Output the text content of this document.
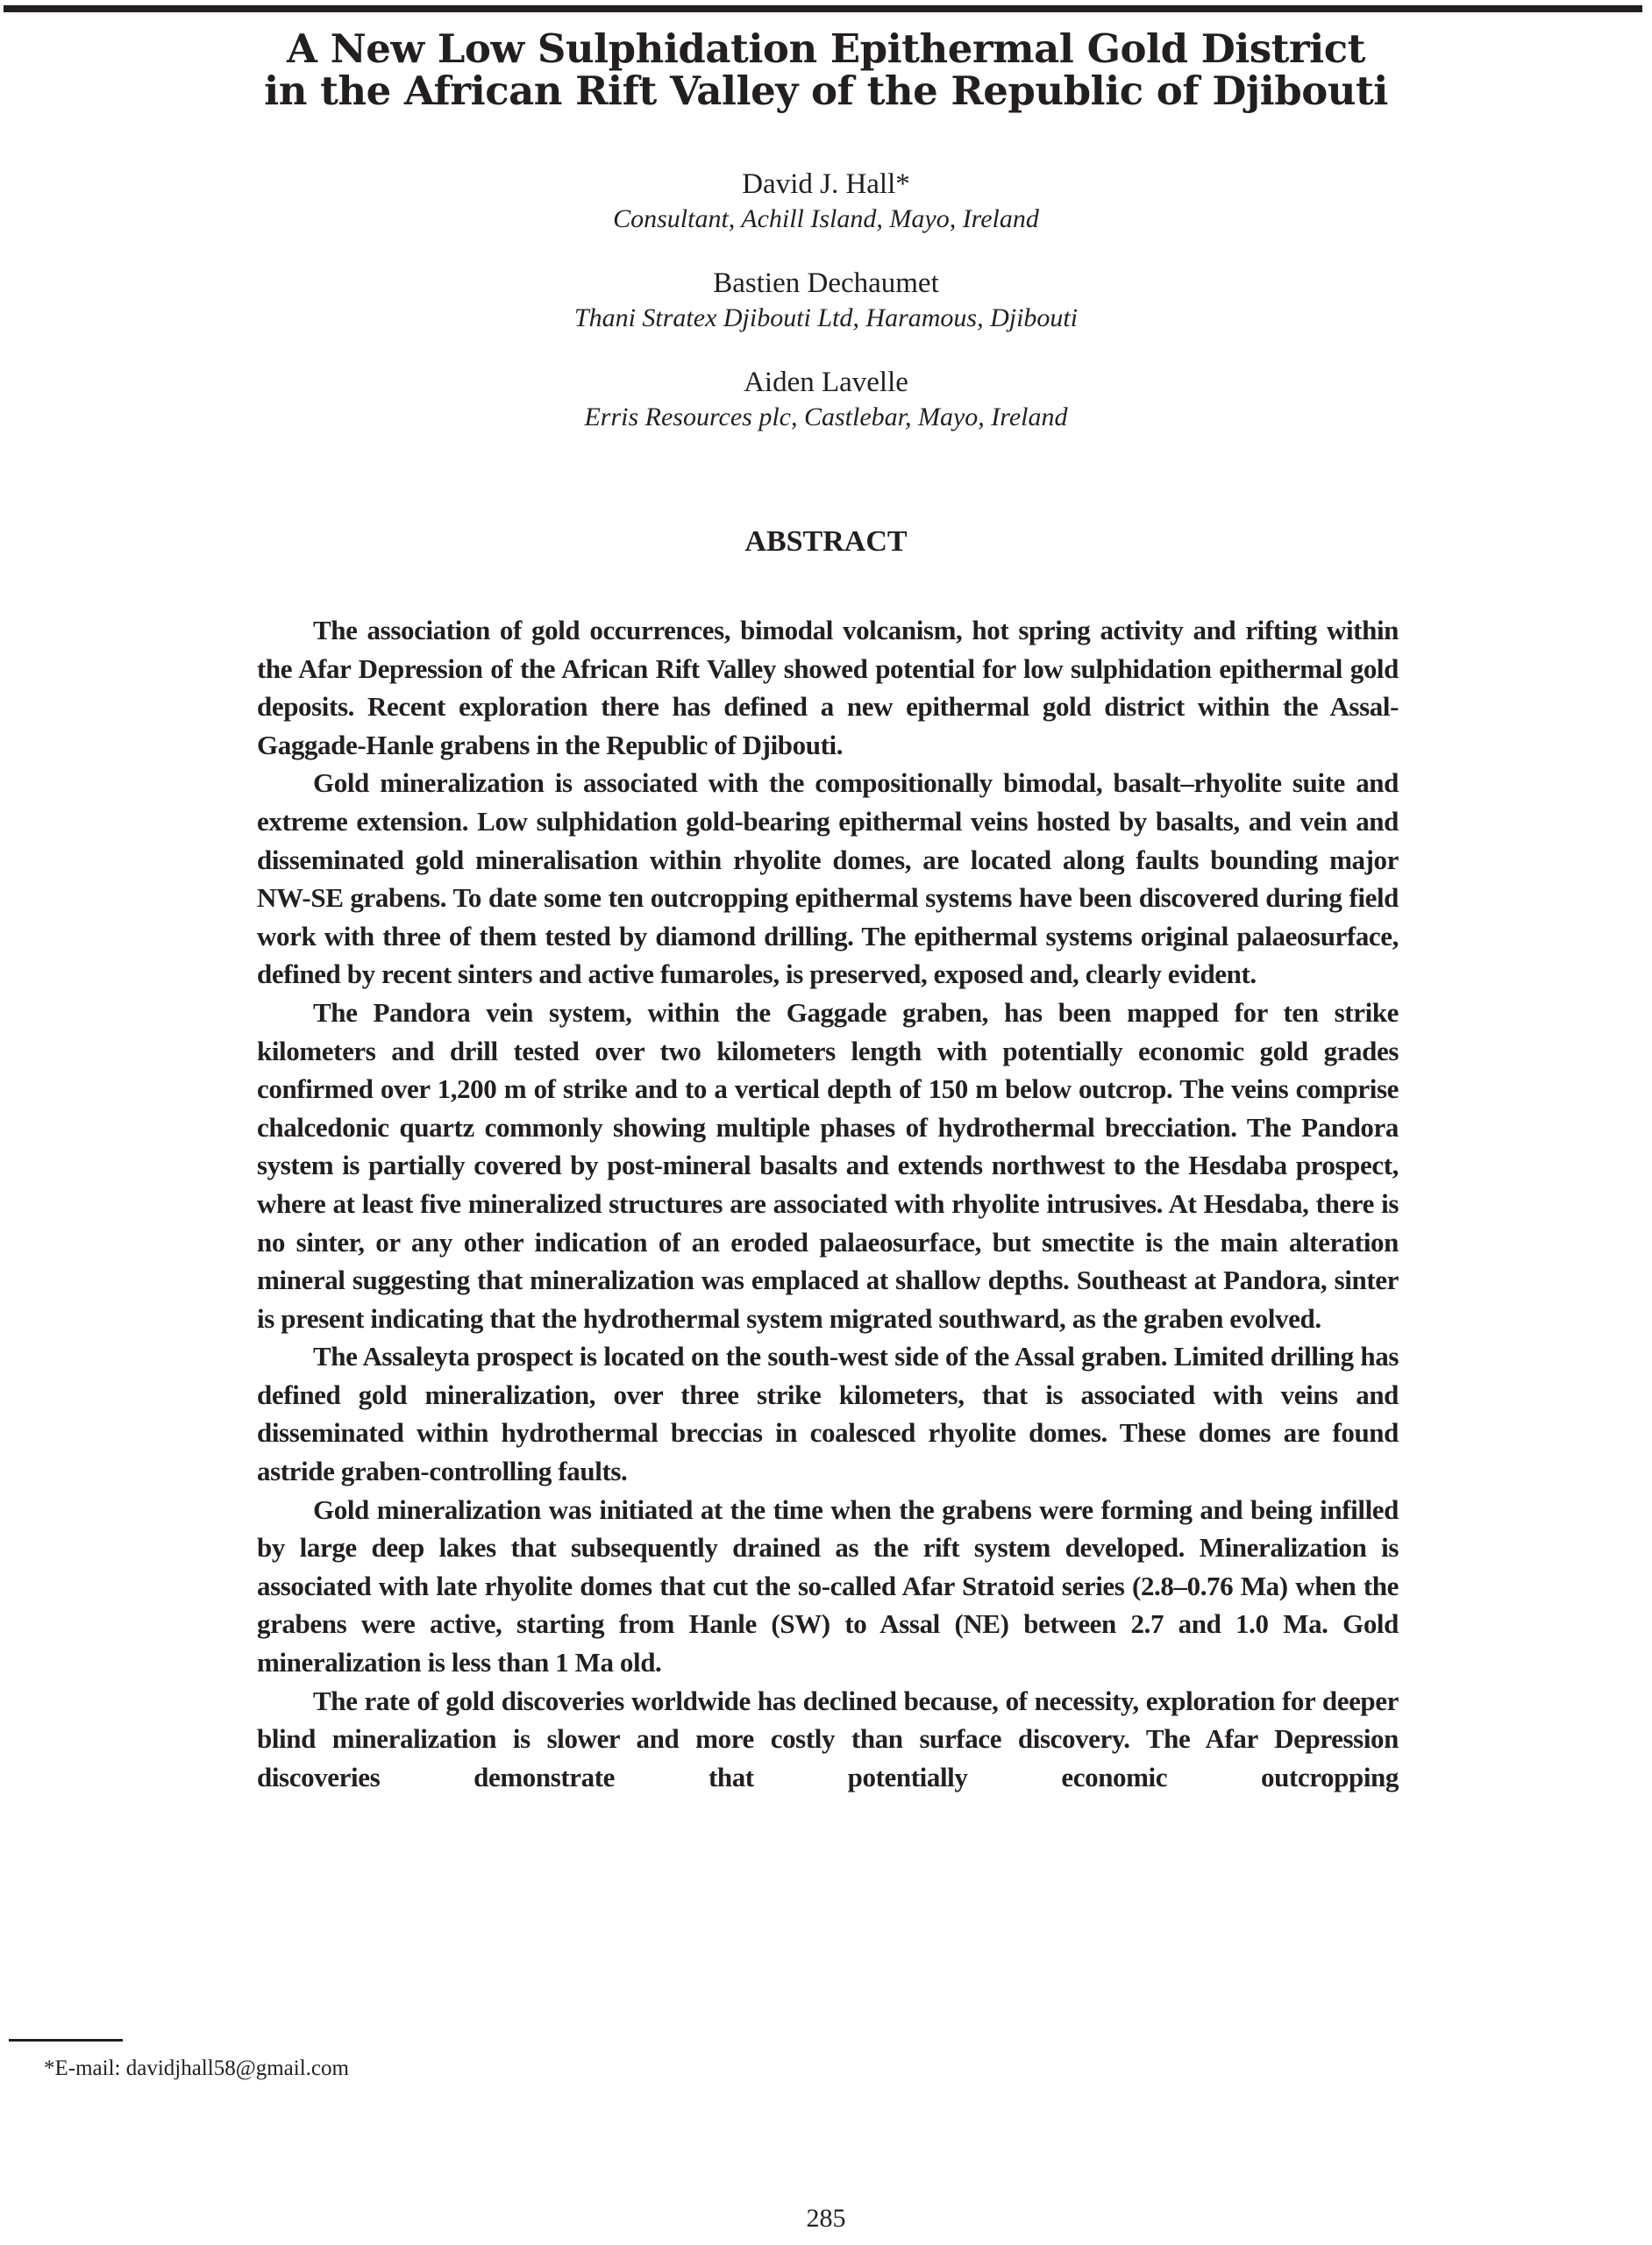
A New Low Sulphidation Epithermal Gold District
in the African Rift Valley of the Republic of Djibouti
David J. Hall*
Consultant, Achill Island, Mayo, Ireland
Bastien Dechaumet
Thani Stratex Djibouti Ltd, Haramous, Djibouti
Aiden Lavelle
Erris Resources plc, Castlebar, Mayo, Ireland
ABSTRACT

The association of gold occurrences, bimodal volcanism, hot spring activity and rifting within the Afar Depression of the African Rift Valley showed potential for low sulphidation epithermal gold deposits. Recent exploration there has defined a new epithermal gold district within the Assal-Gaggade-Hanle grabens in the Republic of Djibouti.

Gold mineralization is associated with the compositionally bimodal, basalt–rhyolite suite and extreme extension. Low sulphidation gold-bearing epithermal veins hosted by basalts, and vein and disseminated gold mineralisation within rhyolite domes, are located along faults bounding major NW-SE grabens. To date some ten outcropping epithermal systems have been discovered during field work with three of them tested by diamond drilling. The epithermal systems original palaeosurface, defined by recent sinters and active fumaroles, is preserved, exposed and, clearly evident.

The Pandora vein system, within the Gaggade graben, has been mapped for ten strike kilometers and drill tested over two kilometers length with potentially economic gold grades confirmed over 1,200 m of strike and to a vertical depth of 150 m below outcrop. The veins comprise chalcedonic quartz commonly showing multiple phases of hydrothermal brecciation. The Pandora system is partially covered by post-mineral basalts and extends northwest to the Hesdaba prospect, where at least five mineralized structures are associated with rhyolite intrusives. At Hesdaba, there is no sinter, or any other indication of an eroded palaeosurface, but smectite is the main alteration mineral suggesting that mineralization was emplaced at shallow depths. Southeast at Pandora, sinter is present indicating that the hydrothermal system migrated southward, as the graben evolved.

The Assaleyta prospect is located on the south-west side of the Assal graben. Limited drilling has defined gold mineralization, over three strike kilometers, that is associated with veins and disseminated within hydrothermal breccias in coalesced rhyolite domes. These domes are found astride graben-controlling faults.

Gold mineralization was initiated at the time when the grabens were forming and being infilled by large deep lakes that subsequently drained as the rift system developed. Mineralization is associated with late rhyolite domes that cut the so-called Afar Stratoid series (2.8–0.76 Ma) when the grabens were active, starting from Hanle (SW) to Assal (NE) between 2.7 and 1.0 Ma. Gold mineralization is less than 1 Ma old.

The rate of gold discoveries worldwide has declined because, of necessity, exploration for deeper blind mineralization is slower and more costly than surface discovery. The Afar Depression discoveries demonstrate that potentially economic outcropping

*E-mail: davidjhall58@gmail.com
285
